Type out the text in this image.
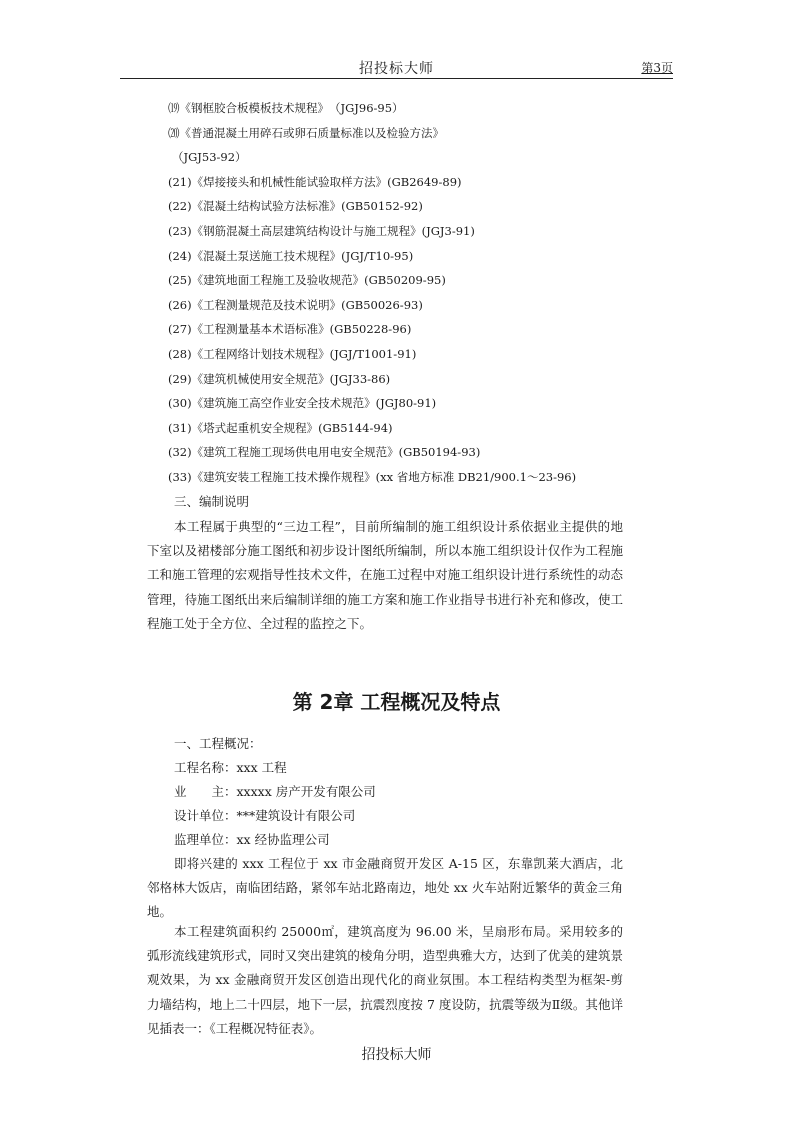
招投标大师	第3页
⒆《钢框胶合板模板技术规程》　（JGJ96-95）
⒇《普通混凝土用碎石或卵石质量标准以及检验方法》
（JGJ53-92）
(21)《焊接接头和机械性能试验取样方法》(GB2649-89)
(22)《混凝土结构试验方法标准》(GB50152-92)
(23)《钢筋混凝土高层建筑结构设计与施工规程》(JGJ3-91)
(24)《混凝土泵送施工技术规程》(JGJ/T10-95)
(25)《建筑地面工程施工及验收规范》(GB50209-95)
(26)《工程测量规范及技术说明》(GB50026-93)
(27)《工程测量基本术语标准》(GB50228-96)
(28)《工程网络计划技术规程》(JGJ/T1001-91)
(29)《建筑机械使用安全规范》(JGJ33-86)
(30)《建筑施工高空作业安全技术规范》(JGJ80-91)
(31)《塔式起重机安全规程》(GB5144-94)
(32)《建筑工程施工现场供电用电安全规范》(GB50194-93)
(33)《建筑安装工程施工技术操作规程》(xx 省地方标准 DB21/900.1～23-96)
三、编制说明

本工程属于典型的“三边工程”，目前所编制的施工组织设计系依据业主提供的地下室以及裙楼部分施工图纸和初步设计图纸所编制，所以本施工组织设计仅作为工程施工和施工管理的宏观指导性技术文件，在施工过程中对施工组织设计进行系统性的动态管理，待施工图纸出来后编制详细的施工方案和施工作业指导书进行补充和修改，使工程施工处于全方位、全过程的监控之下。

第 2章 工程概况及特点
一、工程概况：
工程名称：xxx 工程
业　　主：xxxxx 房产开发有限公司
设计单位：***建筑设计有限公司
监理单位：xx 经协监理公司

即将兴建的 xxx 工程位于 xx 市金融商贸开发区 A-15 区，东靠凯莱大酒店，北邻格林大饭店，南临团结路，紧邻车站北路南边，地处 xx 火车站附近繁华的黄金三角地。

本工程建筑面积约 25000㎡，建筑高度为 96.00 米，呈扇形布局。采用较多的弧形流线建筑形式，同时又突出建筑的棱角分明，造型典雅大方，达到了优美的建筑景观效果，为 xx 金融商贸开发区创造出现代化的商业氛围。本工程结构类型为框架-剪力墙结构，地上二十四层，地下一层，抗震烈度按 7 度设防，抗震等级为Ⅱ级。其他详见插表一：《工程概况特征表》。

招投标大师
